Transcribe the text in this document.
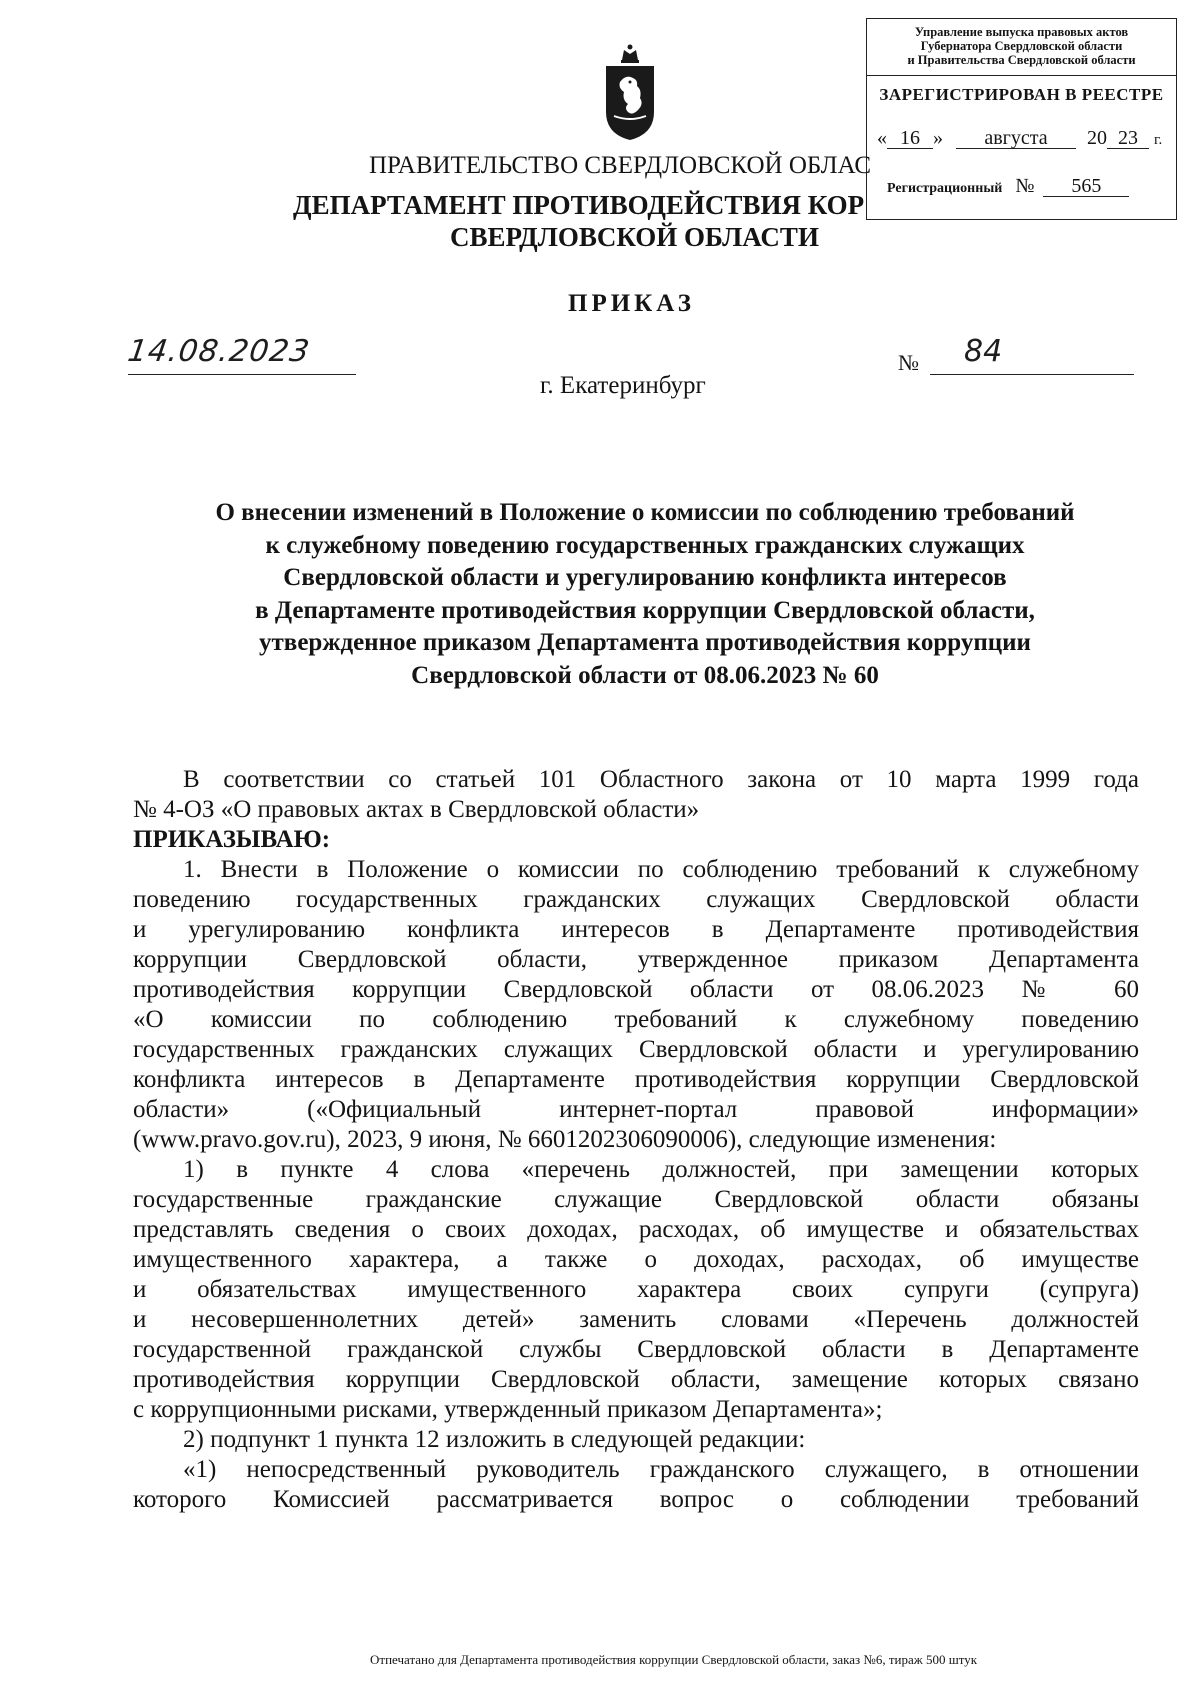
Управление выпуска правовых актов
Губернатора Свердловской области
и Правительства Свердловской области
ЗАРЕГИСТРИРОВАН В РЕЕСТРЕ
« 16 » августа 20 23 г.
Регистрационный № 565
ПРАВИТЕЛЬСТВО СВЕРДЛОВСКОЙ ОБЛАС
ДЕПАРТАМЕНТ ПРОТИВОДЕЙСТВИЯ КОР
СВЕРДЛОВСКОЙ ОБЛАСТИ
ПРИКАЗ
14.08.2023	№	84
г. Екатеринбург
О внесении изменений в Положение о комиссии по соблюдению требований
к служебному поведению государственных гражданских служащих
Свердловской области и урегулированию конфликта интересов
в Департаменте противодействия коррупции Свердловской области,
утвержденное приказом Департамента противодействия коррупции
Свердловской области от 08.06.2023 № 60
В соответствии со статьей 101 Областного закона от 10 марта 1999 года
№ 4-ОЗ «О правовых актах в Свердловской области»
ПРИКАЗЫВАЮ:
1. Внести в Положение о комиссии по соблюдению требований к служебному
поведению государственных гражданских служащих Свердловской области
и урегулированию конфликта интересов в Департаменте противодействия
коррупции Свердловской области, утвержденное приказом Департамента
противодействия коррупции Свердловской области от 08.06.2023 № 60
«О комиссии по соблюдению требований к служебному поведению
государственных гражданских служащих Свердловской области и урегулированию
конфликта интересов в Департаменте противодействия коррупции Свердловской
области» («Официальный интернет-портал правовой информации»
(www.pravo.gov.ru), 2023, 9 июня, № 6601202306090006), следующие изменения:
1) в пункте 4 слова «перечень должностей, при замещении которых
государственные гражданские служащие Свердловской области обязаны
представлять сведения о своих доходах, расходах, об имуществе и обязательствах
имущественного характера, а также о доходах, расходах, об имуществе
и обязательствах имущественного характера своих супруги (супруга)
и несовершеннолетних детей» заменить словами «Перечень должностей
государственной гражданской службы Свердловской области в Департаменте
противодействия коррупции Свердловской области, замещение которых связано
с коррупционными рисками, утвержденный приказом Департамента»;
2) подпункт 1 пункта 12 изложить в следующей редакции:
«1) непосредственный руководитель гражданского служащего, в отношении
которого Комиссией рассматривается вопрос о соблюдении требований
Отпечатано для Департамента противодействия коррупции Свердловской области, заказ №6, тираж 500 штук
